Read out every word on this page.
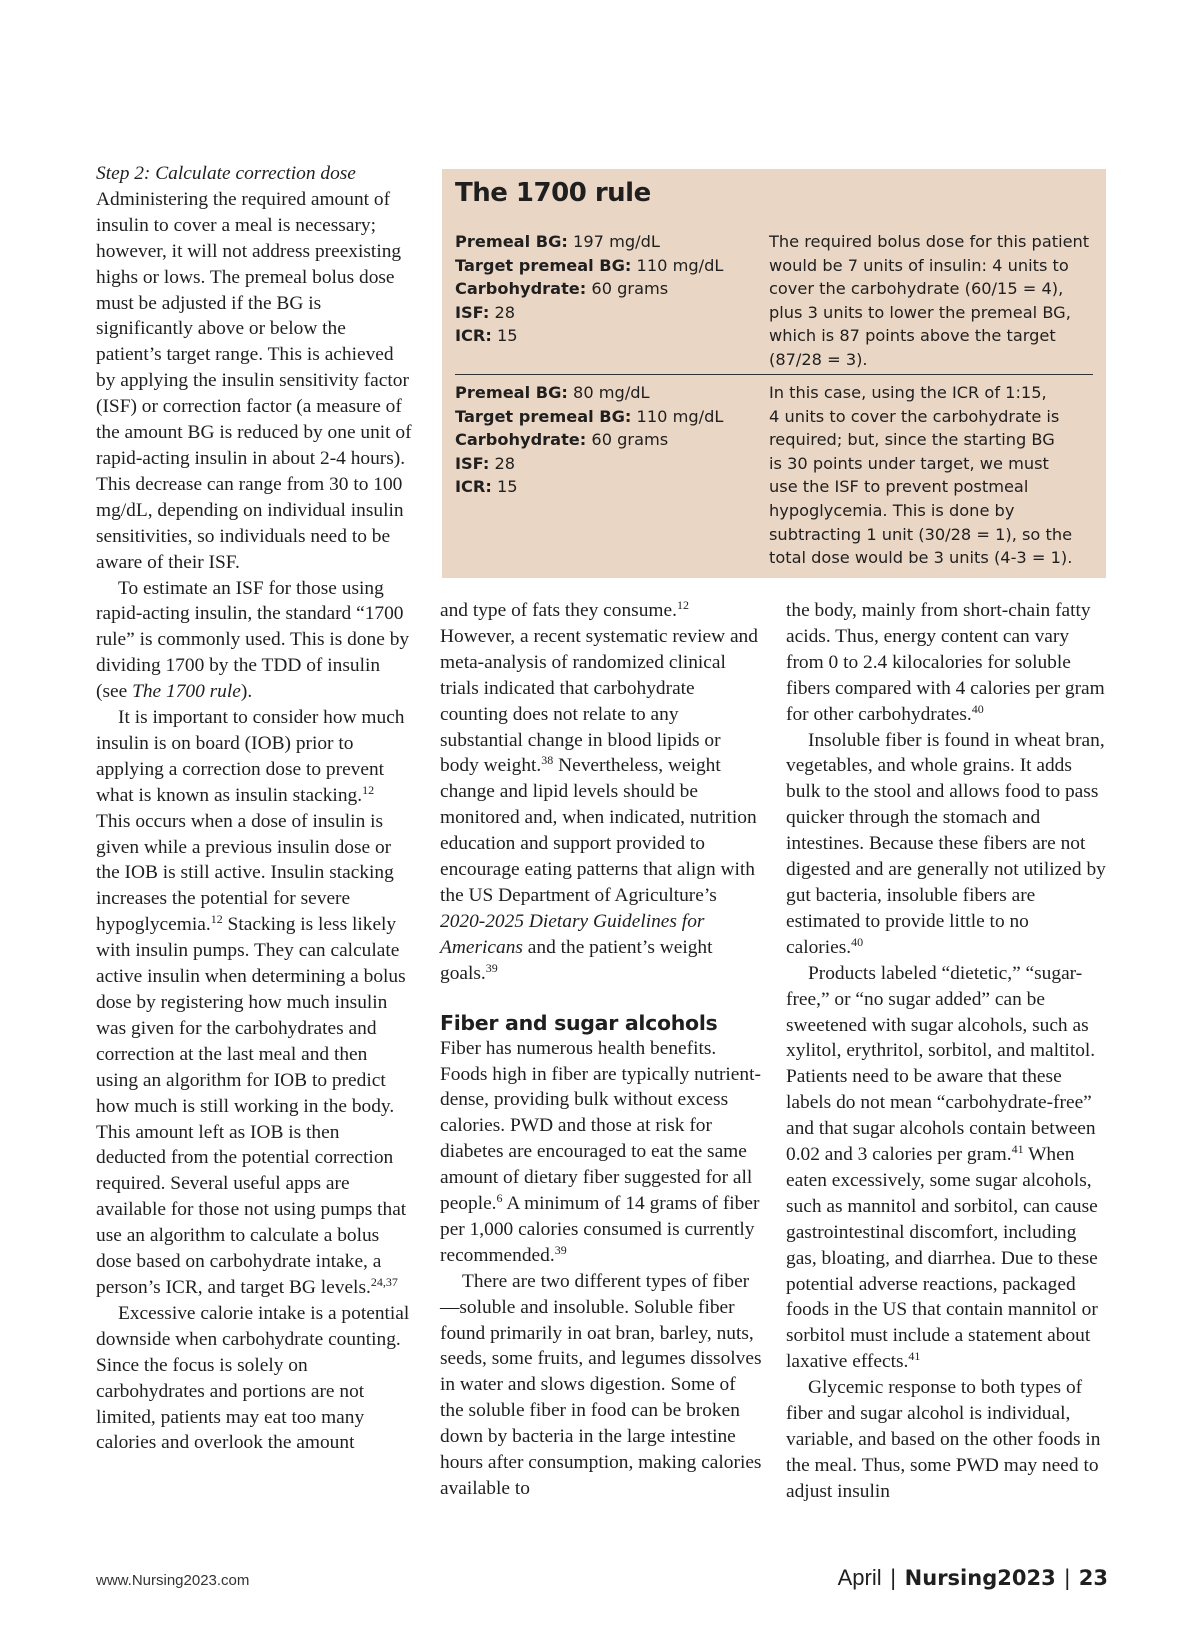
Step 2: Calculate correction dose

Administering the required amount of insulin to cover a meal is necessary; however, it will not address preexisting highs or lows. The premeal bolus dose must be adjusted if the BG is significantly above or below the patient’s target range. This is achieved by applying the insulin sensitivity factor (ISF) or correction factor (a measure of the amount BG is reduced by one unit of rapid-acting insulin in about 2-4 hours). This decrease can range from 30 to 100 mg/dL, depending on individual insulin sensitivities, so individuals need to be aware of their ISF.

To estimate an ISF for those using rapid-acting insulin, the standard “1700 rule” is commonly used. This is done by dividing 1700 by the TDD of insulin (see The 1700 rule).

It is important to consider how much insulin is on board (IOB) prior to applying a correction dose to prevent what is known as insulin stacking.$^{12}$ This occurs when a dose of insulin is given while a previous insulin dose or the IOB is still active. Insulin stacking increases the potential for severe hypoglycemia.$^{12}$ Stacking is less likely with insulin pumps. They can calculate active insulin when determining a bolus dose by registering how much insulin was given for the carbohydrates and correction at the last meal and then using an algorithm for IOB to predict how much is still working in the body. This amount left as IOB is then deducted from the potential correction required. Several useful apps are available for those not using pumps that use an algorithm to calculate a bolus dose based on carbohydrate intake, a person’s ICR, and target BG levels.$^{24,37}$

Excessive calorie intake is a potential downside when carbohydrate counting. Since the focus is solely on carbohydrates and portions are not limited, patients may eat too many calories and overlook the amount

The 1700 rule
Premeal BG: 197 mg/dL
Target premeal BG: 110 mg/dL
Carbohydrate: 60 grams
ISF: 28
ICR: 15
The required bolus dose for this patient
would be 7 units of insulin: 4 units to
cover the carbohydrate (60/15 = 4),
plus 3 units to lower the premeal BG,
which is 87 points above the target
(87/28 = 3).
Premeal BG: 80 mg/dL
Target premeal BG: 110 mg/dL
Carbohydrate: 60 grams
ISF: 28
ICR: 15
In this case, using the ICR of 1:15,
4 units to cover the carbohydrate is
required; but, since the starting BG
is 30 points under target, we must
use the ISF to prevent postmeal
hypoglycemia. This is done by
subtracting 1 unit (30/28 = 1), so the
total dose would be 3 units (4-3 = 1).

and type of fats they consume.$^{12}$ However, a recent systematic review and meta-analysis of randomized clinical trials indicated that carbohydrate counting does not relate to any substantial change in blood lipids or body weight.$^{38}$ Nevertheless, weight change and lipid levels should be monitored and, when indicated, nutrition education and support provided to encourage eating patterns that align with the US Department of Agriculture’s 2020-2025 Dietary Guidelines for Americans and the patient’s weight goals.$^{39}$

Fiber and sugar alcohols

Fiber has numerous health benefits. Foods high in fiber are typically nutrient-dense, providing bulk without excess calories. PWD and those at risk for diabetes are encouraged to eat the same amount of dietary fiber suggested for all people.$^6$ A minimum of 14 grams of fiber per 1,000 calories consumed is currently recommended.$^{39}$

There are two different types of fiber—soluble and insoluble. Soluble fiber found primarily in oat bran, barley, nuts, seeds, some fruits, and legumes dissolves in water and slows digestion. Some of the soluble fiber in food can be broken down by bacteria in the large intestine hours after consumption, making calories available to

the body, mainly from short-chain fatty acids. Thus, energy content can vary from 0 to 2.4 kilocalories for soluble fibers compared with 4 calories per gram for other carbohydrates.$^{40}$

Insoluble fiber is found in wheat bran, vegetables, and whole grains. It adds bulk to the stool and allows food to pass quicker through the stomach and intestines. Because these fibers are not digested and are generally not utilized by gut bacteria, insoluble fibers are estimated to provide little to no calories.$^{40}$

Products labeled “dietetic,” “sugar-free,” or “no sugar added” can be sweetened with sugar alcohols, such as xylitol, erythritol, sorbitol, and maltitol. Patients need to be aware that these labels do not mean “carbohydrate-free” and that sugar alcohols contain between 0.02 and 3 calories per gram.$^{41}$ When eaten excessively, some sugar alcohols, such as mannitol and sorbitol, can cause gastrointestinal discomfort, including gas, bloating, and diarrhea. Due to these potential adverse reactions, packaged foods in the US that contain mannitol or sorbitol must include a statement about laxative effects.$^{41}$

Glycemic response to both types of fiber and sugar alcohol is individual, variable, and based on the other foods in the meal. Thus, some PWD may need to adjust insulin

www.Nursing2023.com	April | Nursing2023 | 23
